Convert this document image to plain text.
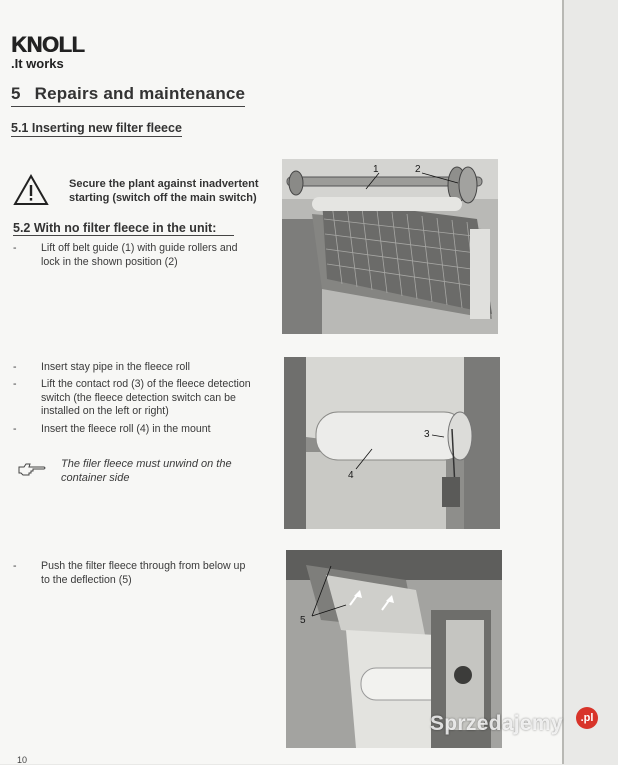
KNOLL
.It works
5 Repairs and maintenance
5.1 Inserting new filter fleece
Secure the plant against inadvertent
starting (switch off the main switch)
5.2 With no filter fleece in the unit:
- Lift off belt guide (1) with guide rollers and
lock in the shown position (2)
- Insert stay pipe in the fleece roll
- Lift the contact rod (3) of the fleece detection
switch (the fleece detection switch can be
installed on the left or right)
- Insert the fleece roll (4) in the mount
The filer fleece must unwind on the
container side
- Push the filter fleece through from below up
to the deflection (5)
1	2
3
4
5
10
Sprzedajemy	.pl
